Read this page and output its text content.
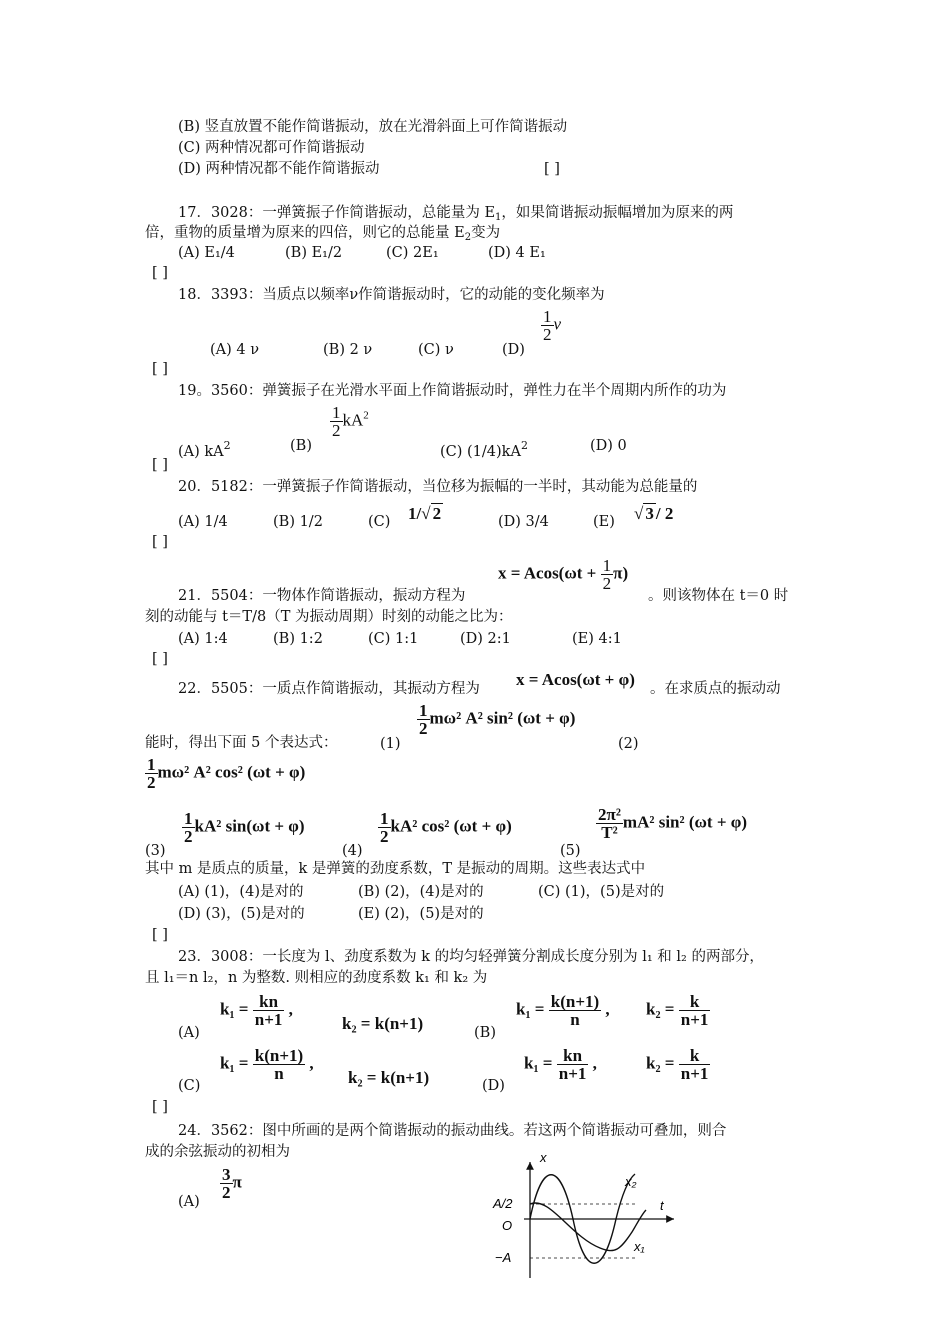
(B) 竖直放置不能作简谐振动，放在光滑斜面上可作简谐振动
(C) 两种情况都可作简谐振动
(D) 两种情况都不能作简谐振动	[ ]
17．3028：一弹簧振子作简谐振动，总能量为 $E_1$，如果简谐振动振幅增加为原来的两
倍，重物的质量增为原来的四倍，则它的总能量 $E_2$变为
(A) E₁/4	(B) E₁/2	(C) 2E₁	(D) 4 E₁
[ ]
18．3393：当质点以频率ν作简谐振动时，它的动能的变化频率为
(A) 4 ν	(B) 2 ν	(C) ν	(D)
$\frac{1}{2}$ ν
[ ]
19。3560：弹簧振子在光滑水平面上作简谐振动时，弹性力在半个周期内所作的功为
(A) $kA^2$	(B)
$\frac{1}{2} kA^2$
(C) $(1/4)kA^2$	(D) 0
[ ]
20．5182：一弹簧振子作简谐振动，当位移为振幅的一半时，其动能为总能量的
(A) 1/4	(B) 1/2	(C) 1/√ 2	(D) 3/4	(E) √ 3 / 2
[ ]
$x = Acos(\omega t + \frac{1}{2} \pi)$
21．5504：一物体作简谐振动，振动方程为	。则该物体在 t＝0 时
刻的动能与 t＝T/8（T 为振动周期）时刻的动能之比为：
(A) 1:4	(B) 1:2	(C) 1:1	(D) 2:1	(E) 4:1
[ ]
22．5505：一质点作简谐振动，其振动方程为 x = Acos(ωt + φ) 。在求质点的振动动
能时，得出下面 5 个表达式：	(1)
$\frac{1}{2} m\omega^2$ A² sin² (ωt + φ)
(2)
$\frac{1}{2} m\omega^2$ A² cos² (ωt + φ)
(3)
$\frac{1}{2} kA^2$ sin(ωt + φ)
(4)
$\frac{1}{2} kA^2$ cos² (ωt + φ)
(5)
$\frac{\text{2π²}}{\text{T²}} mA^2$ sin² (ωt + φ)
其中 m 是质点的质量，k 是弹簧的劲度系数，T 是振动的周期。这些表达式中
(A) (1)，(4)是对的	(B) (2)，(4)是对的	(C) (1)，(5)是对的
(D) (3)，(5)是对的	(E) (2)，(5)是对的
[ ]
23．3008：一长度为 l、劲度系数为 k 的均匀轻弹簧分割成长度分别为 l₁ 和 l₂ 的两部分，
且 l₁＝n l₂，n 为整数. 则相应的劲度系数 k₁ 和 k₂ 为
(A)
$k_1 = \frac{kn}{n+1}$ ,
k₂ = k(n+1)	(B)
$k_1 = \frac{k(n+1)}{n}$ , $k_2 = \frac{k}{n+1}$
(C)
$k_1 = \frac{k(n+1)}{n}$ ,
k₂ = k(n+1)	(D)
$k_1 = \frac{kn}{n+1}$ ,	$k_2 = \frac{k}{n+1}$
[ ]
24．3562：图中所画的是两个简谐振动的振动曲线。若这两个简谐振动可叠加，则合
成的余弦振动的初相为
(A)
$\frac{3}{2}$ π
x
t
A/2
O
−A
x₁
x₂
